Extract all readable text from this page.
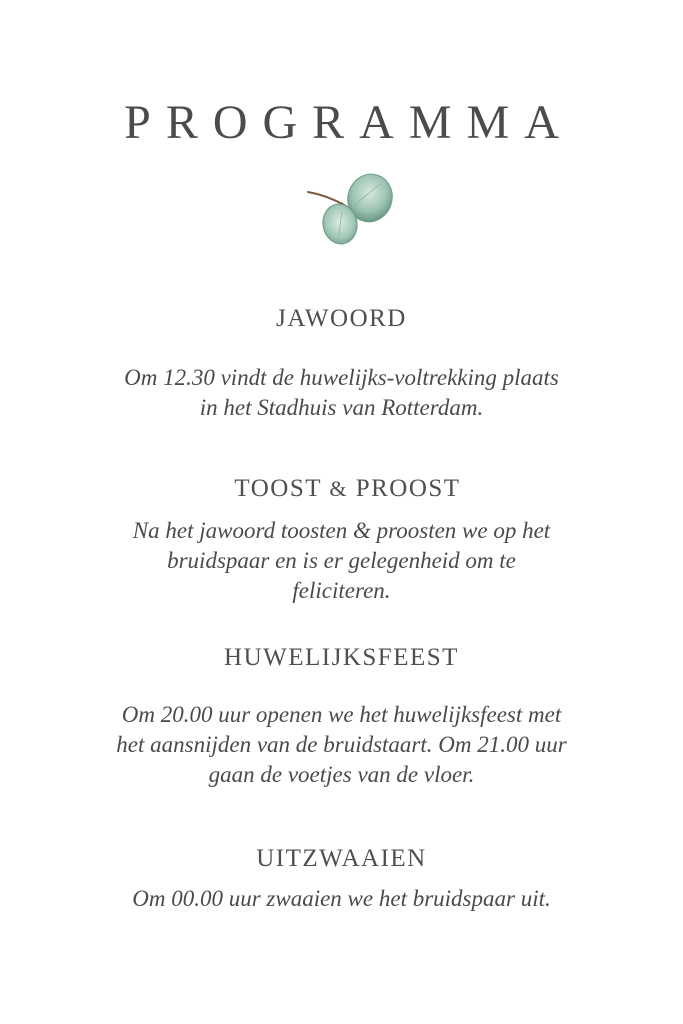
PROGRAMMA
JAWOORD

Om 12.30 vindt de huwelijks-voltrekking plaats
in het Stadhuis van Rotterdam.

TOOST & PROOST

Na het jawoord toosten & proosten we op het
bruidspaar en is er gelegenheid om te
feliciteren.

HUWELIJKSFEEST

Om 20.00 uur openen we het huwelijksfeest met
het aansnijden van de bruidstaart. Om 21.00 uur
gaan de voetjes van de vloer.

UITZWAAIEN

Om 00.00 uur zwaaien we het bruidspaar uit.
